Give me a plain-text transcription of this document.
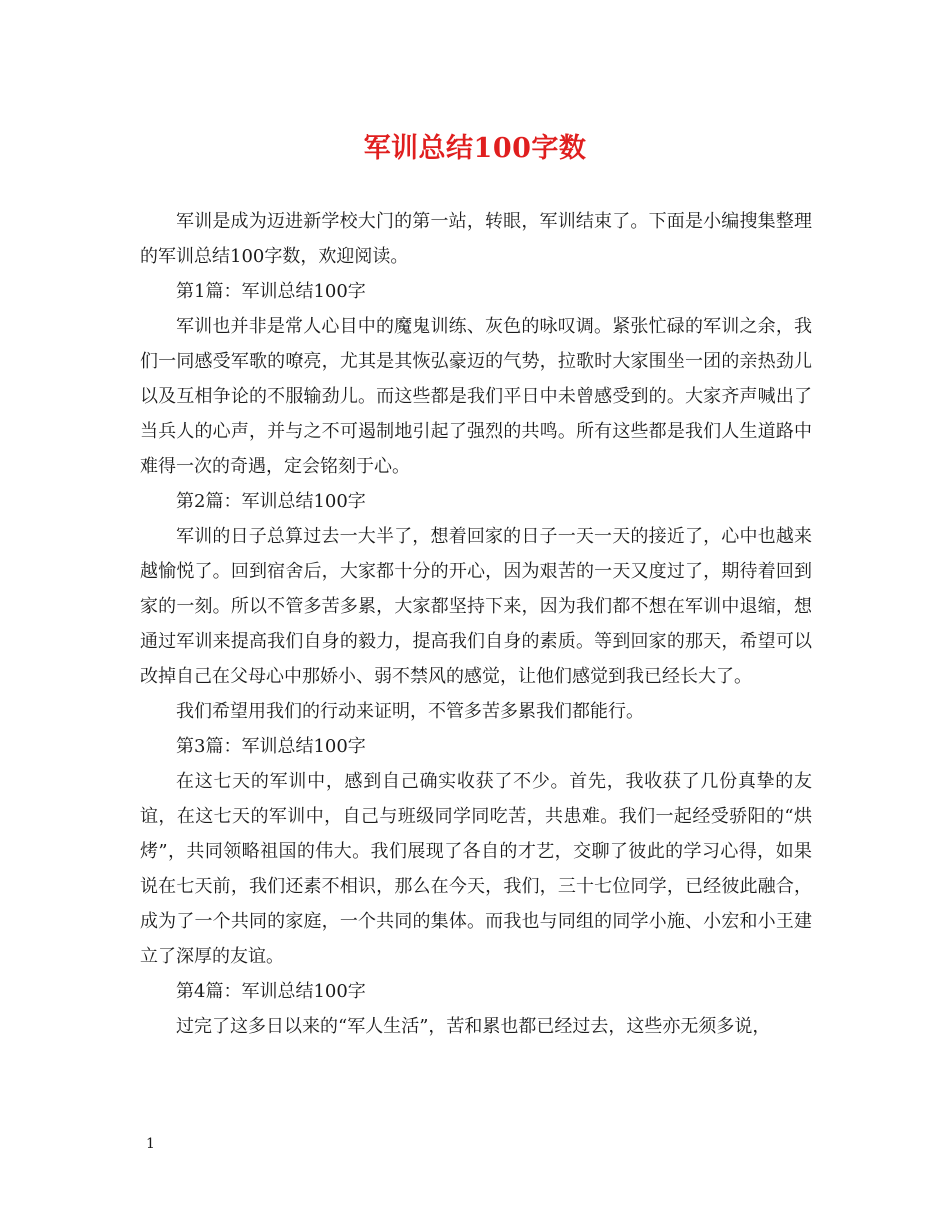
军训总结100字数

军训是成为迈进新学校大门的第一站，转眼，军训结束了。下面是小编搜集整理的军训总结100字数，欢迎阅读。

第1篇：军训总结100字

军训也并非是常人心目中的魔鬼训练、灰色的咏叹调。紧张忙碌的军训之余，我们一同感受军歌的嘹亮，尤其是其恢弘豪迈的气势，拉歌时大家围坐一团的亲热劲儿以及互相争论的不服输劲儿。而这些都是我们平日中未曾感受到的。大家齐声喊出了当兵人的心声，并与之不可遏制地引起了强烈的共鸣。所有这些都是我们人生道路中难得一次的奇遇，定会铭刻于心。

第2篇：军训总结100字

军训的日子总算过去一大半了，想着回家的日子一天一天的接近了，心中也越来越愉悦了。回到宿舍后，大家都十分的开心，因为艰苦的一天又度过了，期待着回到家的一刻。所以不管多苦多累，大家都坚持下来，因为我们都不想在军训中退缩，想通过军训来提高我们自身的毅力，提高我们自身的素质。等到回家的那天，希望可以改掉自己在父母心中那娇小、弱不禁风的感觉，让他们感觉到我已经长大了。

我们希望用我们的行动来证明，不管多苦多累我们都能行。

第3篇：军训总结100字

在这七天的军训中，感到自己确实收获了不少。首先，我收获了几份真挚的友谊，在这七天的军训中，自己与班级同学同吃苦，共患难。我们一起经受骄阳的“烘烤”，共同领略祖国的伟大。我们展现了各自的才艺，交聊了彼此的学习心得，如果说在七天前，我们还素不相识，那么在今天，我们，三十七位同学，已经彼此融合，成为了一个共同的家庭，一个共同的集体。而我也与同组的同学小施、小宏和小王建立了深厚的友谊。

第4篇：军训总结100字

过完了这多日以来的“军人生活”，苦和累也都已经过去，这些亦无须多说，

1
